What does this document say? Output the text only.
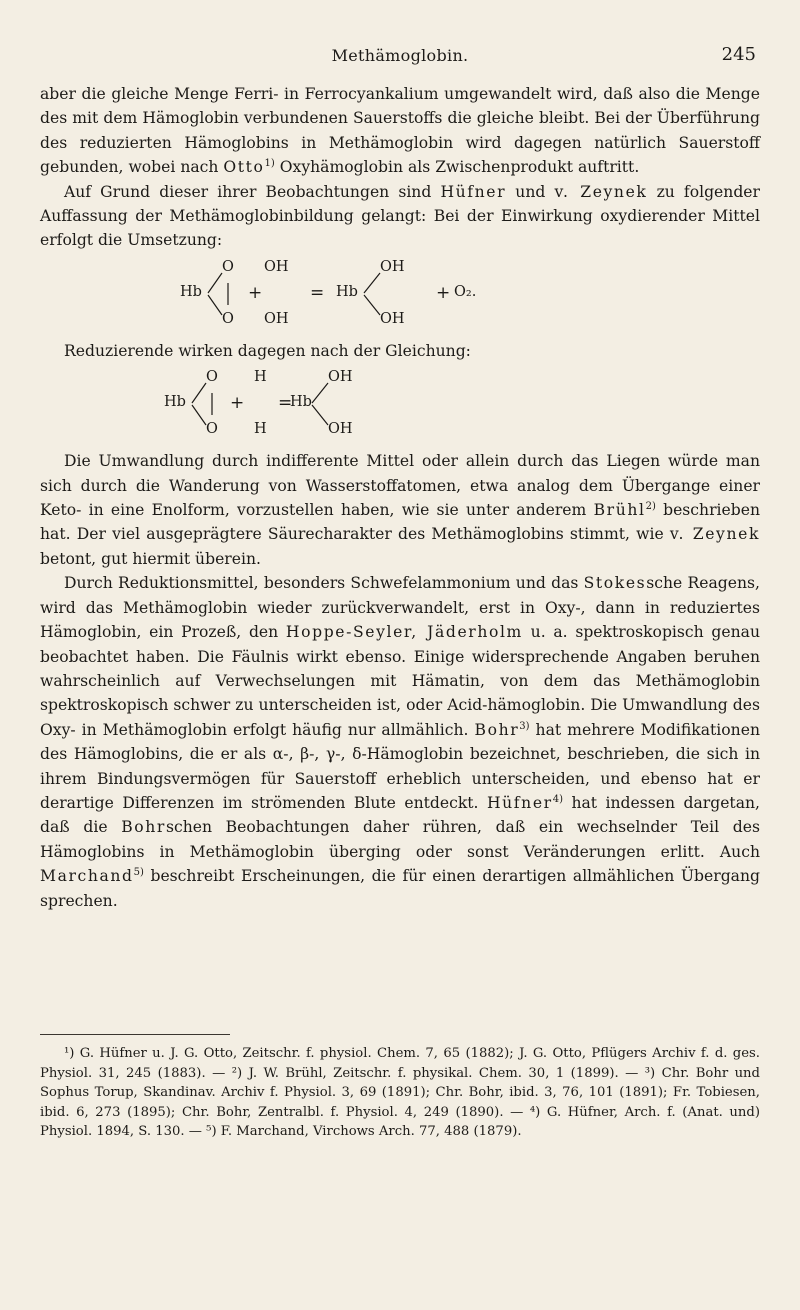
Methämoglobin.	245

aber die gleiche Menge Ferri- in Ferrocyankalium umgewandelt wird, daß also die Menge des mit dem Hämoglobin verbundenen Sauerstoffs die gleiche bleibt. Bei der Überführung des reduzierten Hämoglobins in Methämoglobin wird dagegen natürlich Sauerstoff gebunden, wobei nach Otto$^{1)}$ Oxyhämoglobin als Zwischenprodukt auftritt.

Auf Grund dieser ihrer Beobachtungen sind Hüfner und v. Zeynek zu folgender Auffassung der Methämoglobinbildung gelangt: Bei der Einwirkung oxydierender Mittel erfolgt die Umsetzung:

Hb
O
O
+
OH
OH
= Hb
OH
OH
+ O₂.

Reduzierende wirken dagegen nach der Gleichung:

Hb
O
O
+
H
H
=
Hb
OH
OH

Die Umwandlung durch indifferente Mittel oder allein durch das Liegen würde man sich durch die Wanderung von Wasserstoffatomen, etwa analog dem Übergange einer Keto- in eine Enolform, vorzustellen haben, wie sie unter anderem Brühl$^{2)}$ beschrieben hat. Der viel ausgeprägtere Säurecharakter des Methämoglobins stimmt, wie v. Zeynek betont, gut hiermit überein.

Durch Reduktionsmittel, besonders Schwefelammonium und das Stokessche Reagens, wird das Methämoglobin wieder zurückverwandelt, erst in Oxy-, dann in reduziertes Hämoglobin, ein Prozeß, den Hoppe-Seyler, Jäderholm u. a. spektroskopisch genau beobachtet haben. Die Fäulnis wirkt ebenso. Einige widersprechende Angaben beruhen wahrscheinlich auf Verwechselungen mit Hämatin, von dem das Methämoglobin spektroskopisch schwer zu unterscheiden ist, oder Acid-hämoglobin. Die Umwandlung des Oxy- in Methämoglobin erfolgt häufig nur allmählich. Bohr$^{3)}$ hat mehrere Modifikationen des Hämoglobins, die er als α-, β-, γ-, δ-Hämoglobin bezeichnet, beschrieben, die sich in ihrem Bindungsvermögen für Sauerstoff erheblich unterscheiden, und ebenso hat er derartige Differenzen im strömenden Blute entdeckt. Hüfner$^{4)}$ hat indessen dargetan, daß die Bohrschen Beobachtungen daher rühren, daß ein wechselnder Teil des Hämoglobins in Methämoglobin überging oder sonst Veränderungen erlitt. Auch Marchand$^{5)}$ beschreibt Erscheinungen, die für einen derartigen allmählichen Übergang sprechen.

¹) G. Hüfner u. J. G. Otto, Zeitschr. f. physiol. Chem. 7, 65 (1882); J. G. Otto, Pflügers Archiv f. d. ges. Physiol. 31, 245 (1883). — ²) J. W. Brühl, Zeitschr. f. physikal. Chem. 30, 1 (1899). — ³) Chr. Bohr und Sophus Torup, Skandinav. Archiv f. Physiol. 3, 69 (1891); Chr. Bohr, ibid. 3, 76, 101 (1891); Fr. Tobiesen, ibid. 6, 273 (1895); Chr. Bohr, Zentralbl. f. Physiol. 4, 249 (1890). — ⁴) G. Hüfner, Arch. f. (Anat. und) Physiol. 1894, S. 130. — ⁵) F. Marchand, Virchows Arch. 77, 488 (1879).
